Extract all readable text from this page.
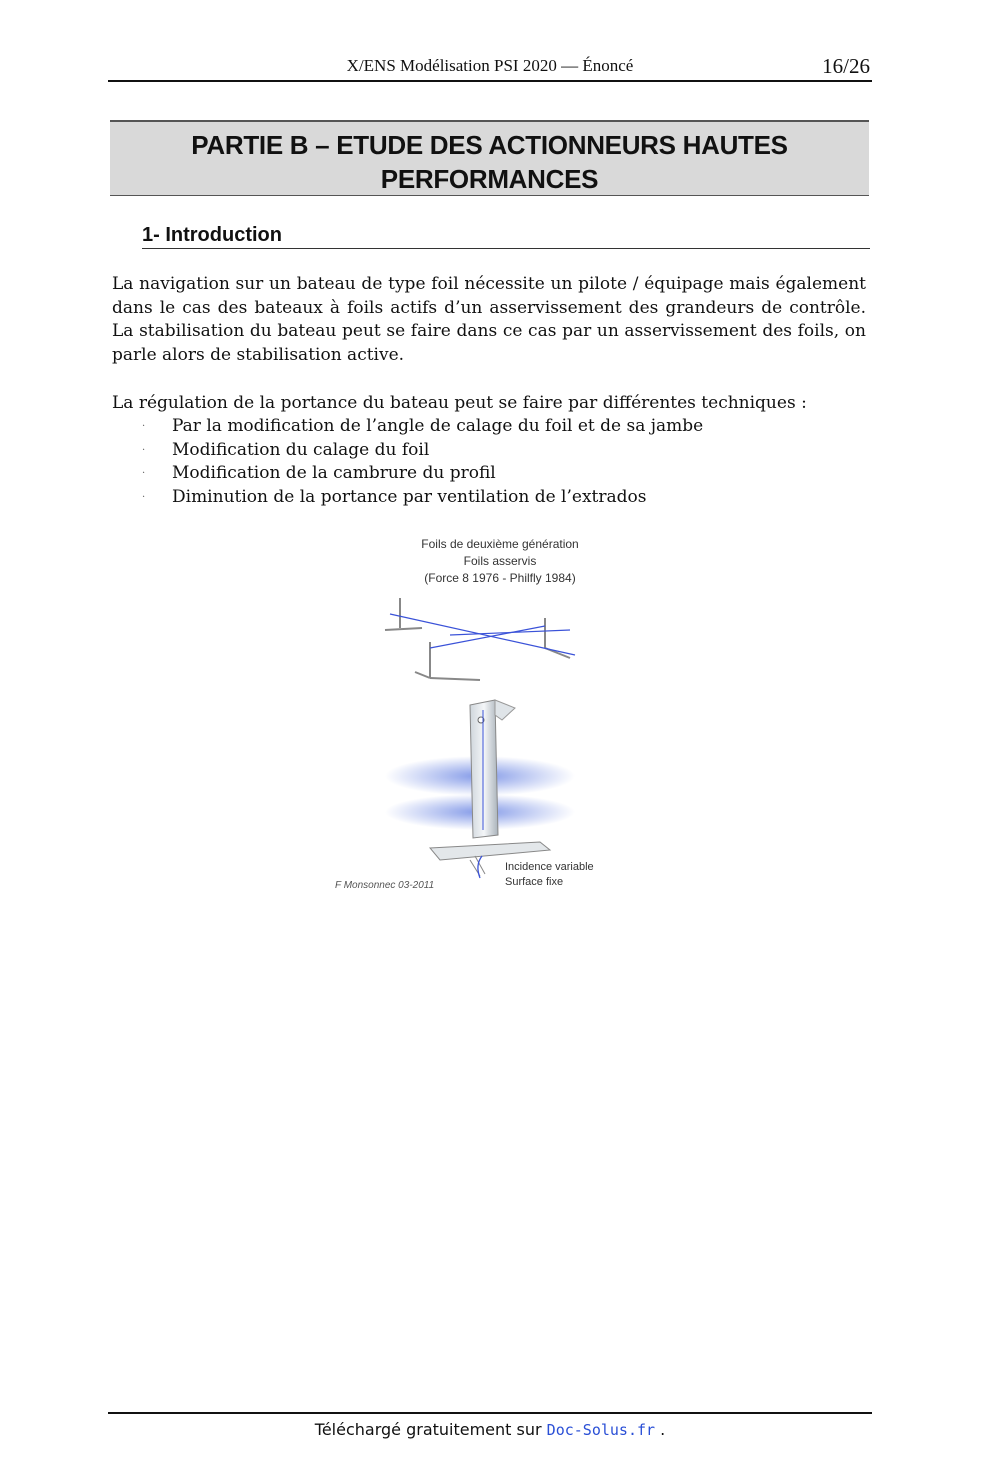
X/ENS Modélisation PSI 2020 — Énoncé	16/26
PARTIE B – ETUDE DES ACTIONNEURS HAUTES
PERFORMANCES
1- Introduction
La navigation sur un bateau de type foil nécessite un pilote / équipage mais également dans le cas des bateaux à foils actifs d’un asservissement des grandeurs de contrôle. La stabilisation du bateau peut se faire dans ce cas par un asservissement des foils, on parle alors de stabilisation active.
La régulation de la portance du bateau peut se faire par différentes techniques :
· Par la modification de l’angle de calage du foil et de sa jambe
· Modification du calage du foil
· Modification de la cambrure du profil
· Diminution de la portance par ventilation de l’extrados
Foils de deuxième génération
Foils asservis
(Force 8 1976 - Philfly 1984)
Incidence variable
Surface fixe
F Monsonnec 03-2011
Téléchargé gratuitement sur Doc-Solus.fr .
